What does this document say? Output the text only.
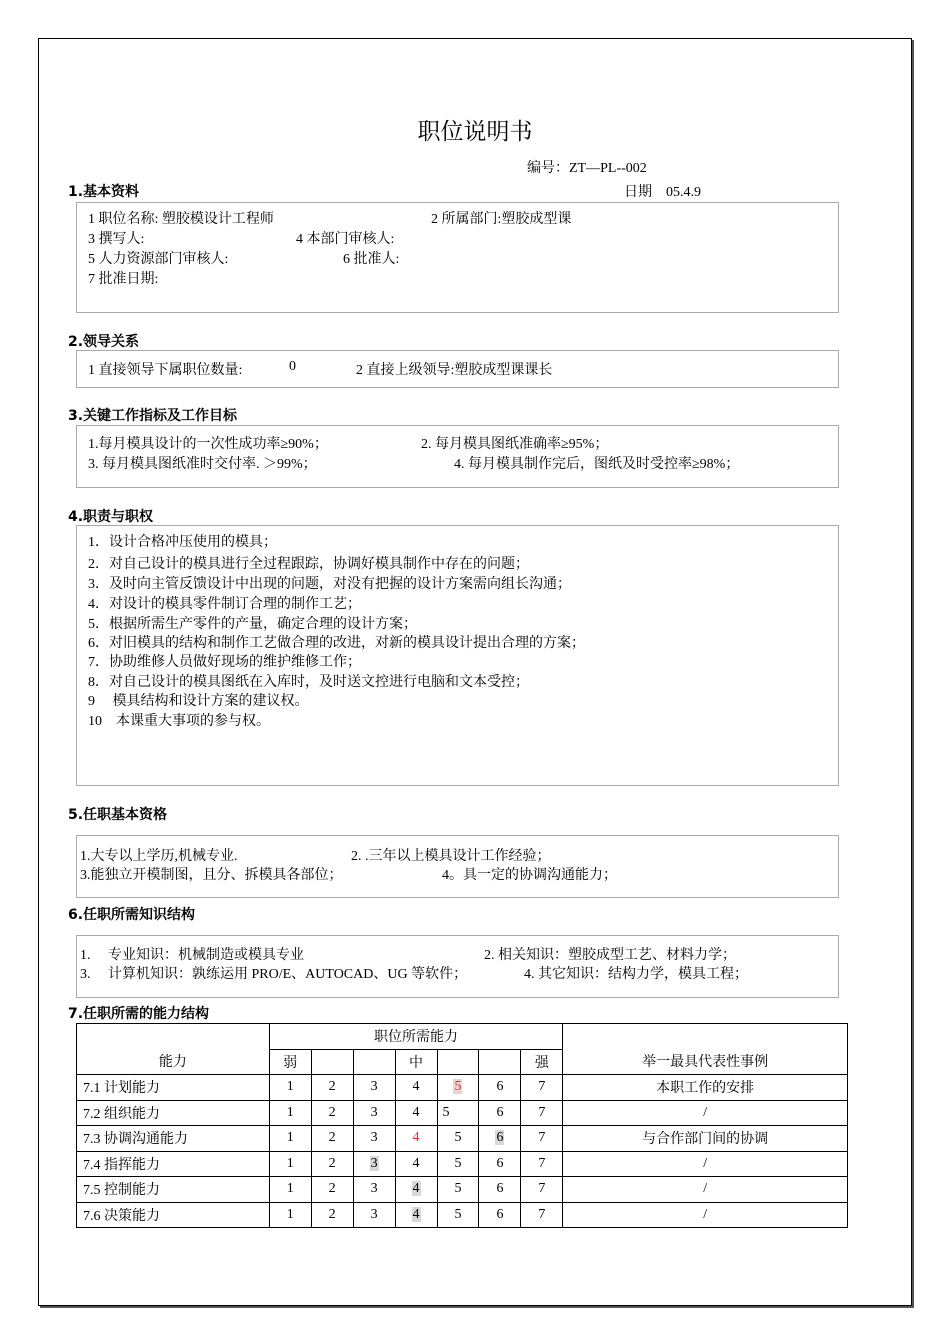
职位说明书
编号：ZT—PL--002
日期　05.4.9
1.基本资料
1 职位名称: 塑胶模设计工程师	2 所属部门:塑胶成型课
3 撰写人:	4 本部门审核人:
5 人力资源部门审核人:	6 批准人:
7 批准日期:
2.领导关系
1 直接领导下属职位数量:	0	2 直接上级领导:塑胶成型课课长
3.关键工作指标及工作目标
1.每月模具设计的一次性成功率≥90%；	2. 每月模具图纸准确率≥95%；
3. 每月模具图纸准时交付率. ＞99%；	4. 每月模具制作完后，图纸及时受控率≥98%；
4.职责与职权
1．设计合格冲压使用的模具；
2．对自己设计的模具进行全过程跟踪，协调好模具制作中存在的问题；
3．及时向主管反馈设计中出现的问题，对没有把握的设计方案需向组长沟通；
4．对设计的模具零件制订合理的制作工艺；
5．根据所需生产零件的产量，确定合理的设计方案；
6．对旧模具的结构和制作工艺做合理的改进，对新的模具设计提出合理的方案；
7．协助维修人员做好现场的维护维修工作；
8．对自己设计的模具图纸在入库时，及时送文控进行电脑和文本受控；
9　 模具结构和设计方案的建议权。
10　本课重大事项的参与权。
5.任职基本资格
1.大专以上学历,机械专业.	2. .三年以上模具设计工作经验；
3.能独立开模制图，且分、拆模具各部位；	4。具一定的协调沟通能力；
6.任职所需知识结构
1.　 专业知识：机械制造或模具专业	2. 相关知识：塑胶成型工艺、材料力学；
3.　 计算机知识：孰练运用 PRO/E、AUTOCAD、UG 等软件；	4. 其它知识：结构力学，模具工程；
7.任职所需的能力结构
能力	职位所需能力							举一最具代表性事例
	弱			中			强	
7.1 计划能力	1	2	3	4	5	6	7	本职工作的安排
7.2 组织能力	1	2	3	4	5	6	7	/
7.3 协调沟通能力	1	2	3	4	5	6	7	与合作部门间的协调
7.4 指挥能力	1	2	3	4	5	6	7	/
7.5 控制能力	1	2	3	4	5	6	7	/
7.6 决策能力	1	2	3	4	5	6	7	/
